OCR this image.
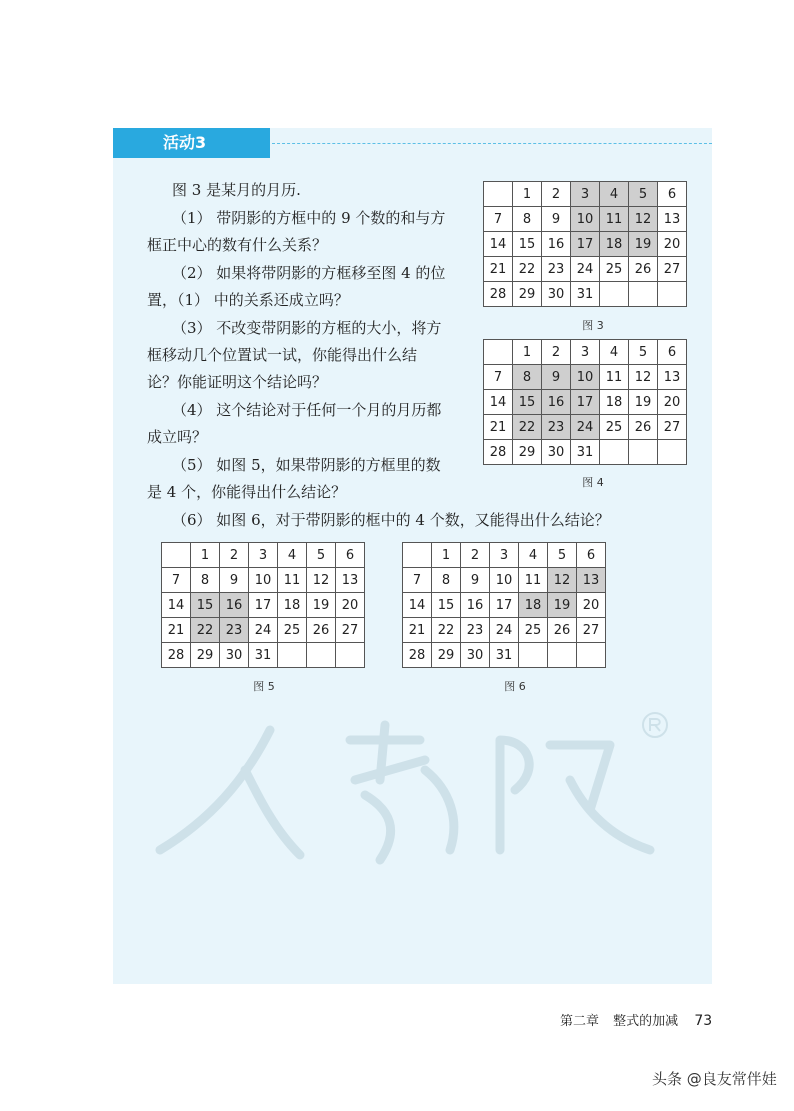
活动3
图 3 是某月的月历.
（1） 带阴影的方框中的 9 个数的和与方
框正中心的数有什么关系？
（2） 如果将带阴影的方框移至图 4 的位
置，（1） 中的关系还成立吗？
（3） 不改变带阴影的方框的大小，将方
框移动几个位置试一试，你能得出什么结
论？你能证明这个结论吗？
（4） 这个结论对于任何一个月的月历都
成立吗？
（5） 如图 5，如果带阴影的方框里的数
是 4 个，你能得出什么结论？
（6） 如图 6，对于带阴影的框中的 4 个数，又能得出什么结论？
	1	2	3	4	5	6
7	8	9	10	11	12	13
14	15	16	17	18	19	20
21	22	23	24	25	26	27
28	29	30	31			
图 3
	1	2	3	4	5	6
7	8	9	10	11	12	13
14	15	16	17	18	19	20
21	22	23	24	25	26	27
28	29	30	31			
图 4
	1	2	3	4	5	6
7	8	9	10	11	12	13
14	15	16	17	18	19	20
21	22	23	24	25	26	27
28	29	30	31			
图 5
	1	2	3	4	5	6
7	8	9	10	11	12	13
14	15	16	17	18	19	20
21	22	23	24	25	26	27
28	29	30	31			
图 6
第二章 整式的加减 73
头条 @良友常伴娃
